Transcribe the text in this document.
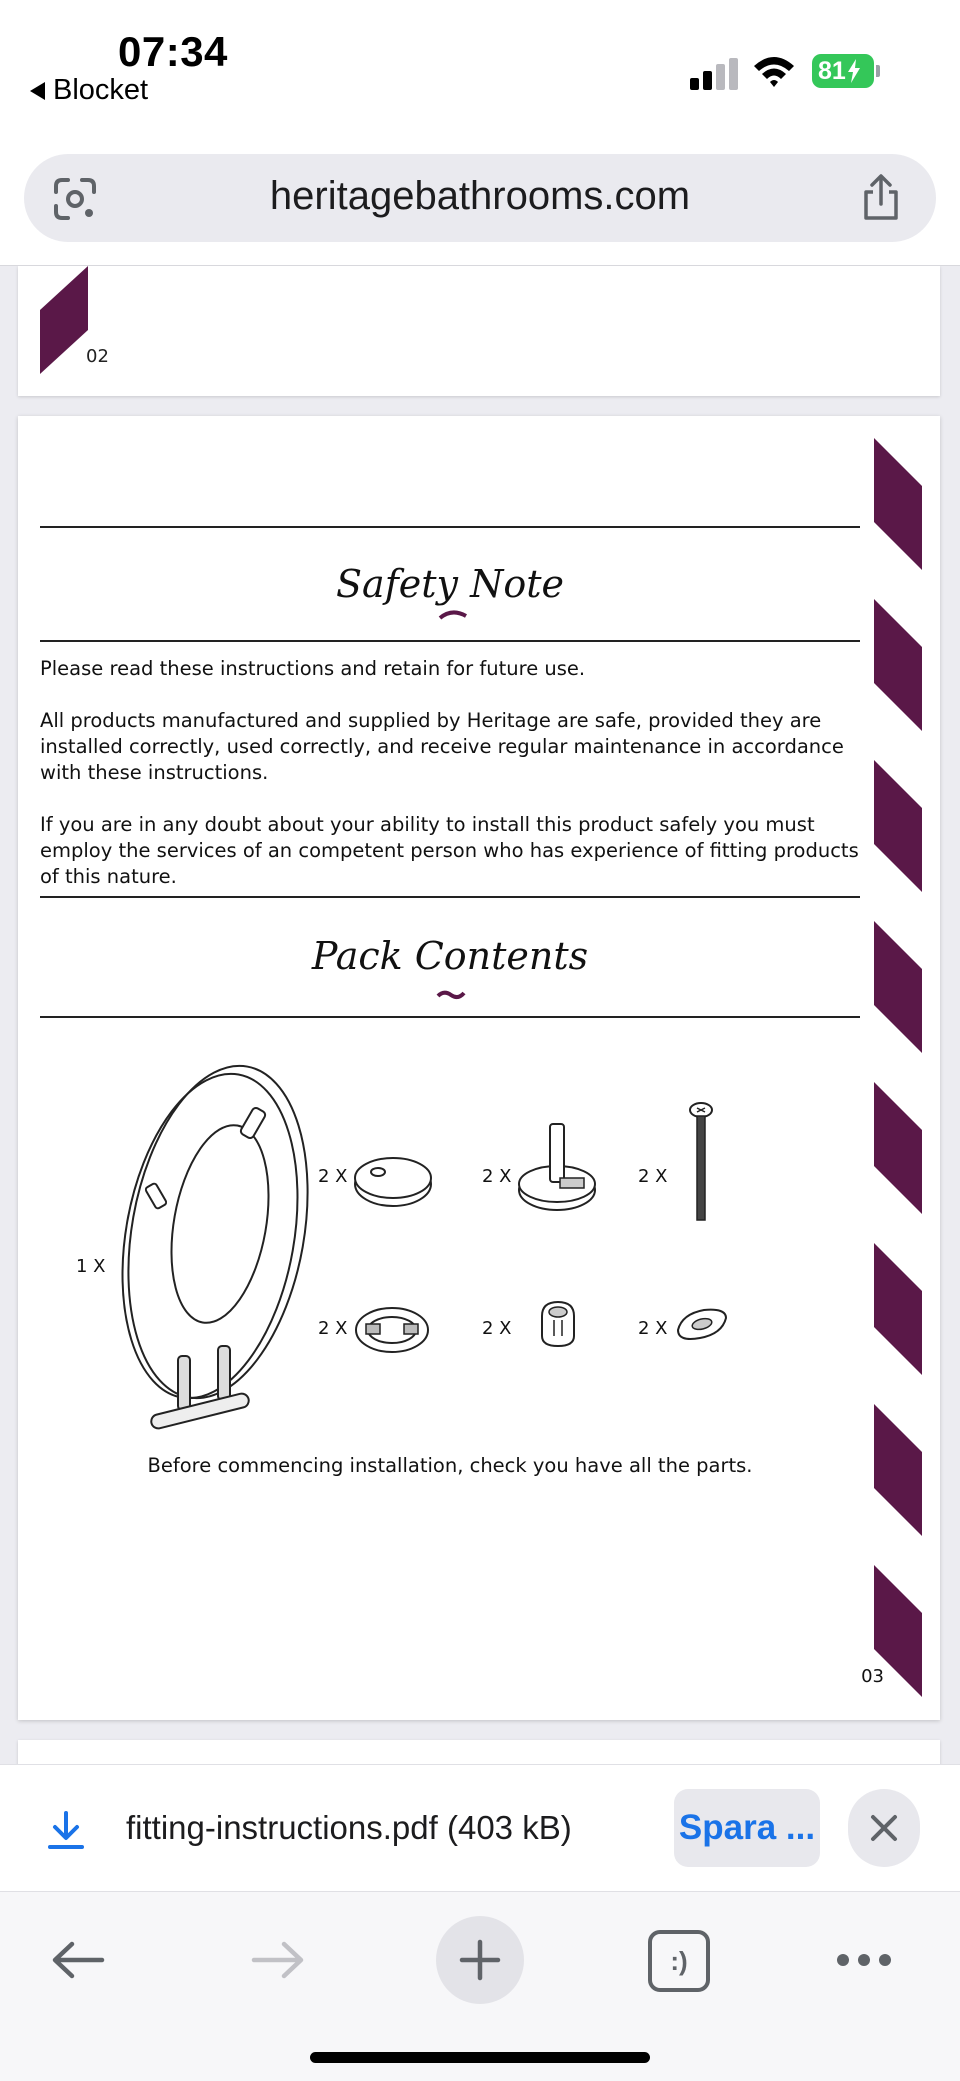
07:34
Blocket
81
heritagebathrooms.com
02
Safety Note
Please read these instructions and retain for future use.
All products manufactured and supplied by Heritage are safe, provided they are installed correctly, used correctly, and receive regular maintenance in accordance with these instructions.
If you are in any doubt about your ability to install this product safely you must employ the services of an competent person who has experience of fitting products of this nature.
Pack Contents
1 X
2 X	2 X	2 X
2 X	2 X	2 X
Before commencing installation, check you have all the parts.
03
fitting-instructions.pdf (403 kB)	Spara ...
:)
